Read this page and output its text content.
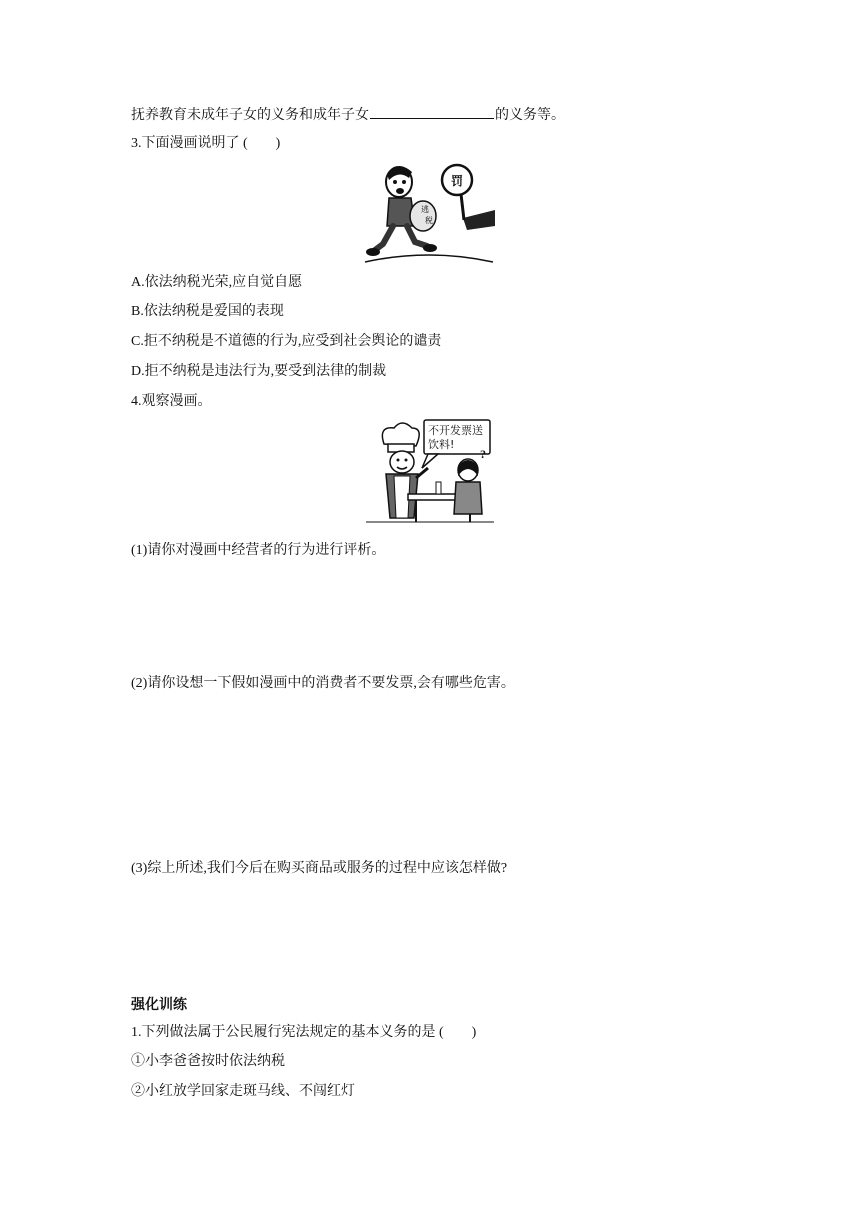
抚养教育未成年子女的义务和成年子女	的义务等。
3.下面漫画说明了 (　　)
罚
逃
税
A.依法纳税光荣,应自觉自愿
B.依法纳税是爱国的表现
C.拒不纳税是不道德的行为,应受到社会舆论的谴责
D.拒不纳税是违法行为,要受到法律的制裁
4.观察漫画。
不开发票送
饮料!
?
(1)请你对漫画中经营者的行为进行评析。
(2)请你设想一下假如漫画中的消费者不要发票,会有哪些危害。
(3)综上所述,我们今后在购买商品或服务的过程中应该怎样做?
强化训练
1.下列做法属于公民履行宪法规定的基本义务的是 (　　)
①小李爸爸按时依法纳税
②小红放学回家走斑马线、不闯红灯
